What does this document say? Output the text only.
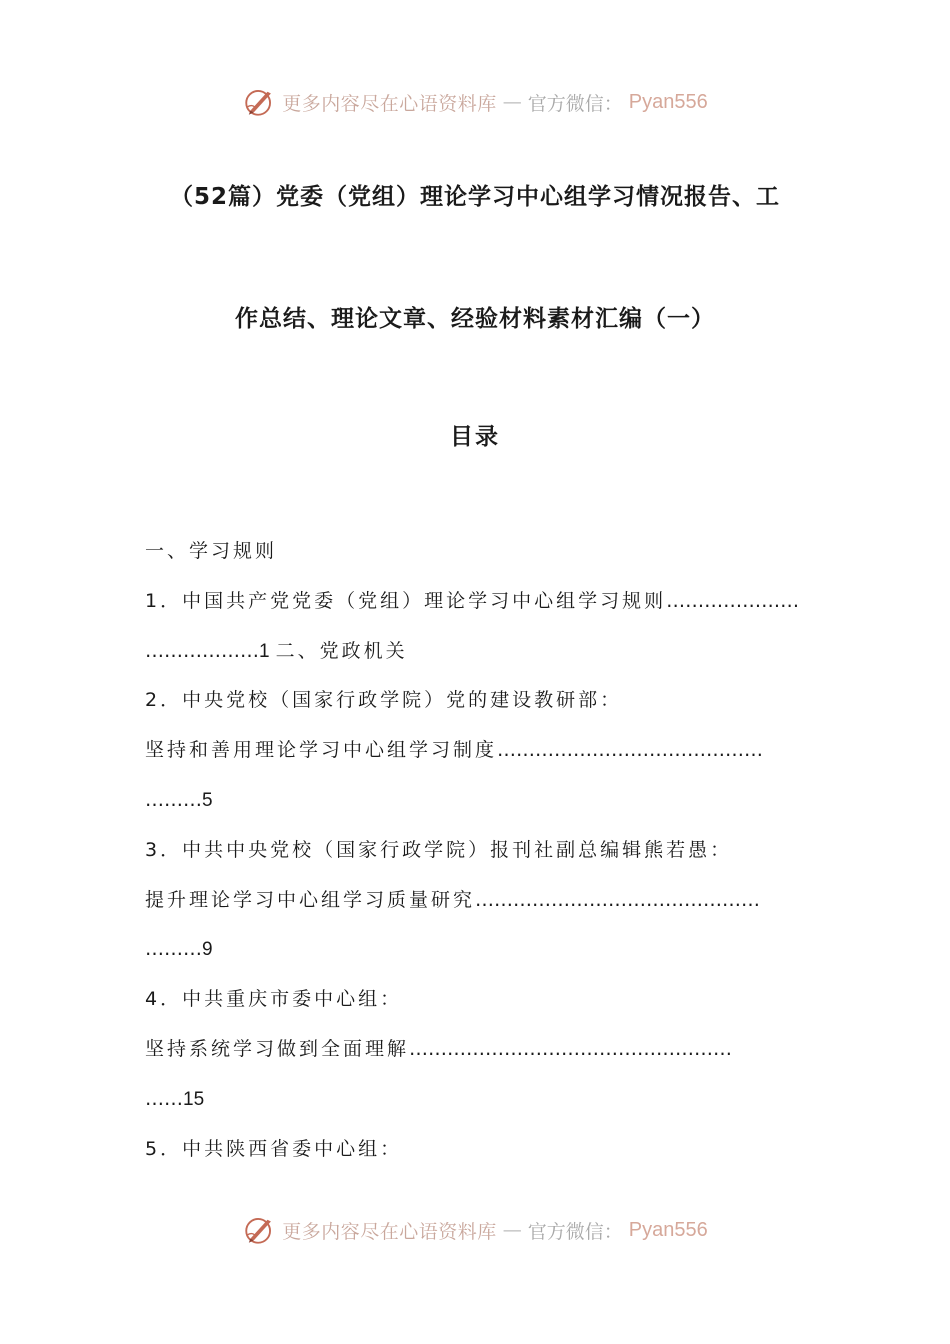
更多内容尽在心语资料库 — 官方微信： Pyan556
（52篇）党委（党组）理论学习中心组学习情况报告、工
作总结、理论文章、经验材料素材汇编（一）
目录
一、学习规则
1．中国共产党党委（党组）理论学习中心组学习规则…………………
………………1 二、党政机关
2．中央党校（国家行政学院）党的建设教研部：
坚持和善用理论学习中心组学习制度……………………………………
………5
3．中共中央党校（国家行政学院）报刊社副总编辑熊若愚：
提升理论学习中心组学习质量研究………………………………………
………9
4．中共重庆市委中心组：
坚持系统学习做到全面理解……………………………………………
……15
5．中共陕西省委中心组：
更多内容尽在心语资料库 — 官方微信： Pyan556
